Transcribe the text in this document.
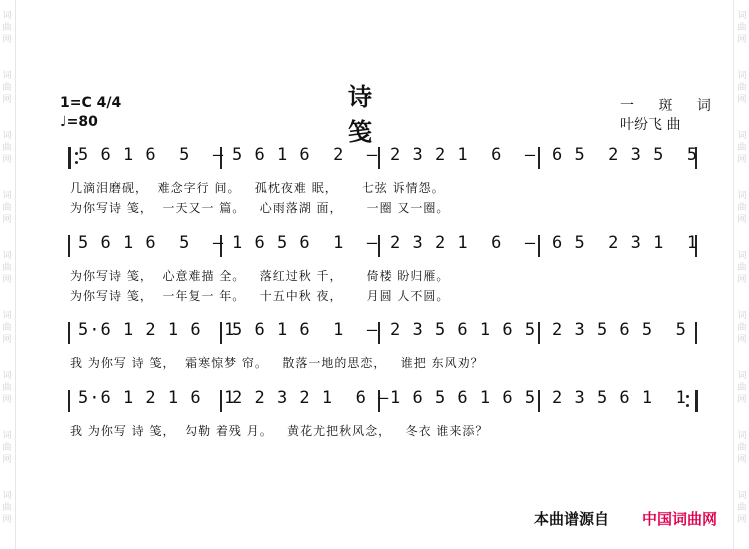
词
曲
网
词
曲
网
词
曲
网
词
曲
网
词
曲
网
词
曲
网
词
曲
网
词
曲
网
词
曲
网
词
曲
网
词
曲
网
词
曲
网
词
曲
网
词
曲
网
词
曲
网
词
曲
网
词
曲
网
词
曲
网
诗 笺
1=C 4/4
♩=80
一 斑 词
叶纷飞 曲
5 6 1 6  5  – 5 6 1 6  2  – 2 3 2 1  6  – 6 5  2 3 5  5
几滴泪磨砚，  难念字行 间。   孤枕夜难 眠，     七弦 诉情怨。
为你写诗 笺，  一天又一 篇。   心雨落湖 面，     一圈 又一圈。
5 6 1 6  5  – 1 6 5 6  1  – 2 3 2 1  6  – 6 5  2 3 1  1
为你写诗 笺，  心意难描 全。   落红过秋 千，     倚楼 盼归雁。
为你写诗 笺，  一年复一 年。   十五中秋 夜，     月圆 人不圆。
5·6 1 2 1 6  1
5 6 1 6  1  – 2 3 5 6 1 6 5 2 3 5 6 5  5
我 为你写 诗 笺，  霜寒惊梦 帘。   散落一地的思恋，   谁把 东风劝？
5·6 1 2 1 6  1
2 2 3 2 1  6 – 1 6 5 6 1 6 5 2 3 5 6 1  1
我 为你写 诗 笺，  勾勒 着残 月。   黄花尤把秋风念，   冬衣 谁来添？
本曲谱源自 中国词曲网
